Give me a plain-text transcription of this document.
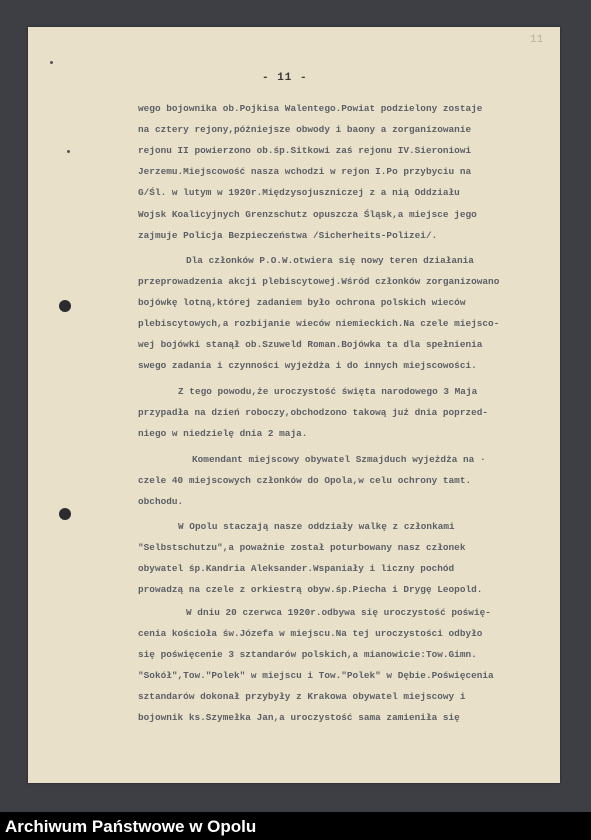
11
- 11 -
wego bojownika ob.Pojkisa Walentego.Powiat podzielony zostaje
na cztery rejony,póżniejsze obwody i baony a zorganizowanie
rejonu II powierzono ob.śp.Sitkowi zaś rejonu IV.Sieroniowi
Jerzemu.Miejscowość nasza wchodzi w rejon I.Po przybyciu na
G/Śl. w lutym w 1920r.Międzysojuszniczej z a nią Oddziału
Wojsk Koalicyjnych Grenzschutz opuszcza Śląsk,a miejsce jego
zajmuje Policja Bezpieczeństwa /Sicherheits-Polizei/.
Dla członków P.O.W.otwiera się nowy teren działania
przeprowadzenia akcji plebiscytowej.Wśród członków zorganizowano
bojówkę lotną,której zadaniem było ochrona polskich wieców
plebiscytowych,a rozbijanie wieców niemieckich.Na czele miejsco-
wej bojówki stanął ob.Szuweld Roman.Bojówka ta dla spełnienia
swego zadania i czynności wyjeżdża i do innych miejscowości.
Z tego powodu,że uroczystość święta narodowego 3 Maja
przypadła na dzień roboczy,obchodzono takową już dnia poprzed-
niego w niedzielę dnia 2 maja.
Komendant miejscowy obywatel Szmajduch wyjeżdża na ·
czele 40 miejscowych członków do Opola,w celu ochrony tamt.
obchodu.
W Opolu staczają nasze oddziały walkę z członkami
"Selbstschutzu",a poważnie został poturbowany nasz członek
obywatel śp.Kandria Aleksander.Wspaniały i liczny pochód
prowadzą na czele z orkiestrą obyw.śp.Piecha i Drygę Leopold.
W dniu 20 czerwca 1920r.odbywa się uroczystość poświę-
cenia kościoła św.Józefa w miejscu.Na tej uroczystości odbyło
się poświęcenie 3 sztandarów polskich,a mianowicie:Tow.Gimn.
"Sokół",Tow."Polek" w miejscu i Tow."Polek" w Dębie.Poświęcenia
sztandarów dokonał przybyły z Krakowa obywatel miejscowy i
bojownik ks.Szymełka Jan,a uroczystość sama zamieniła się
Archiwum Państwowe w Opolu
